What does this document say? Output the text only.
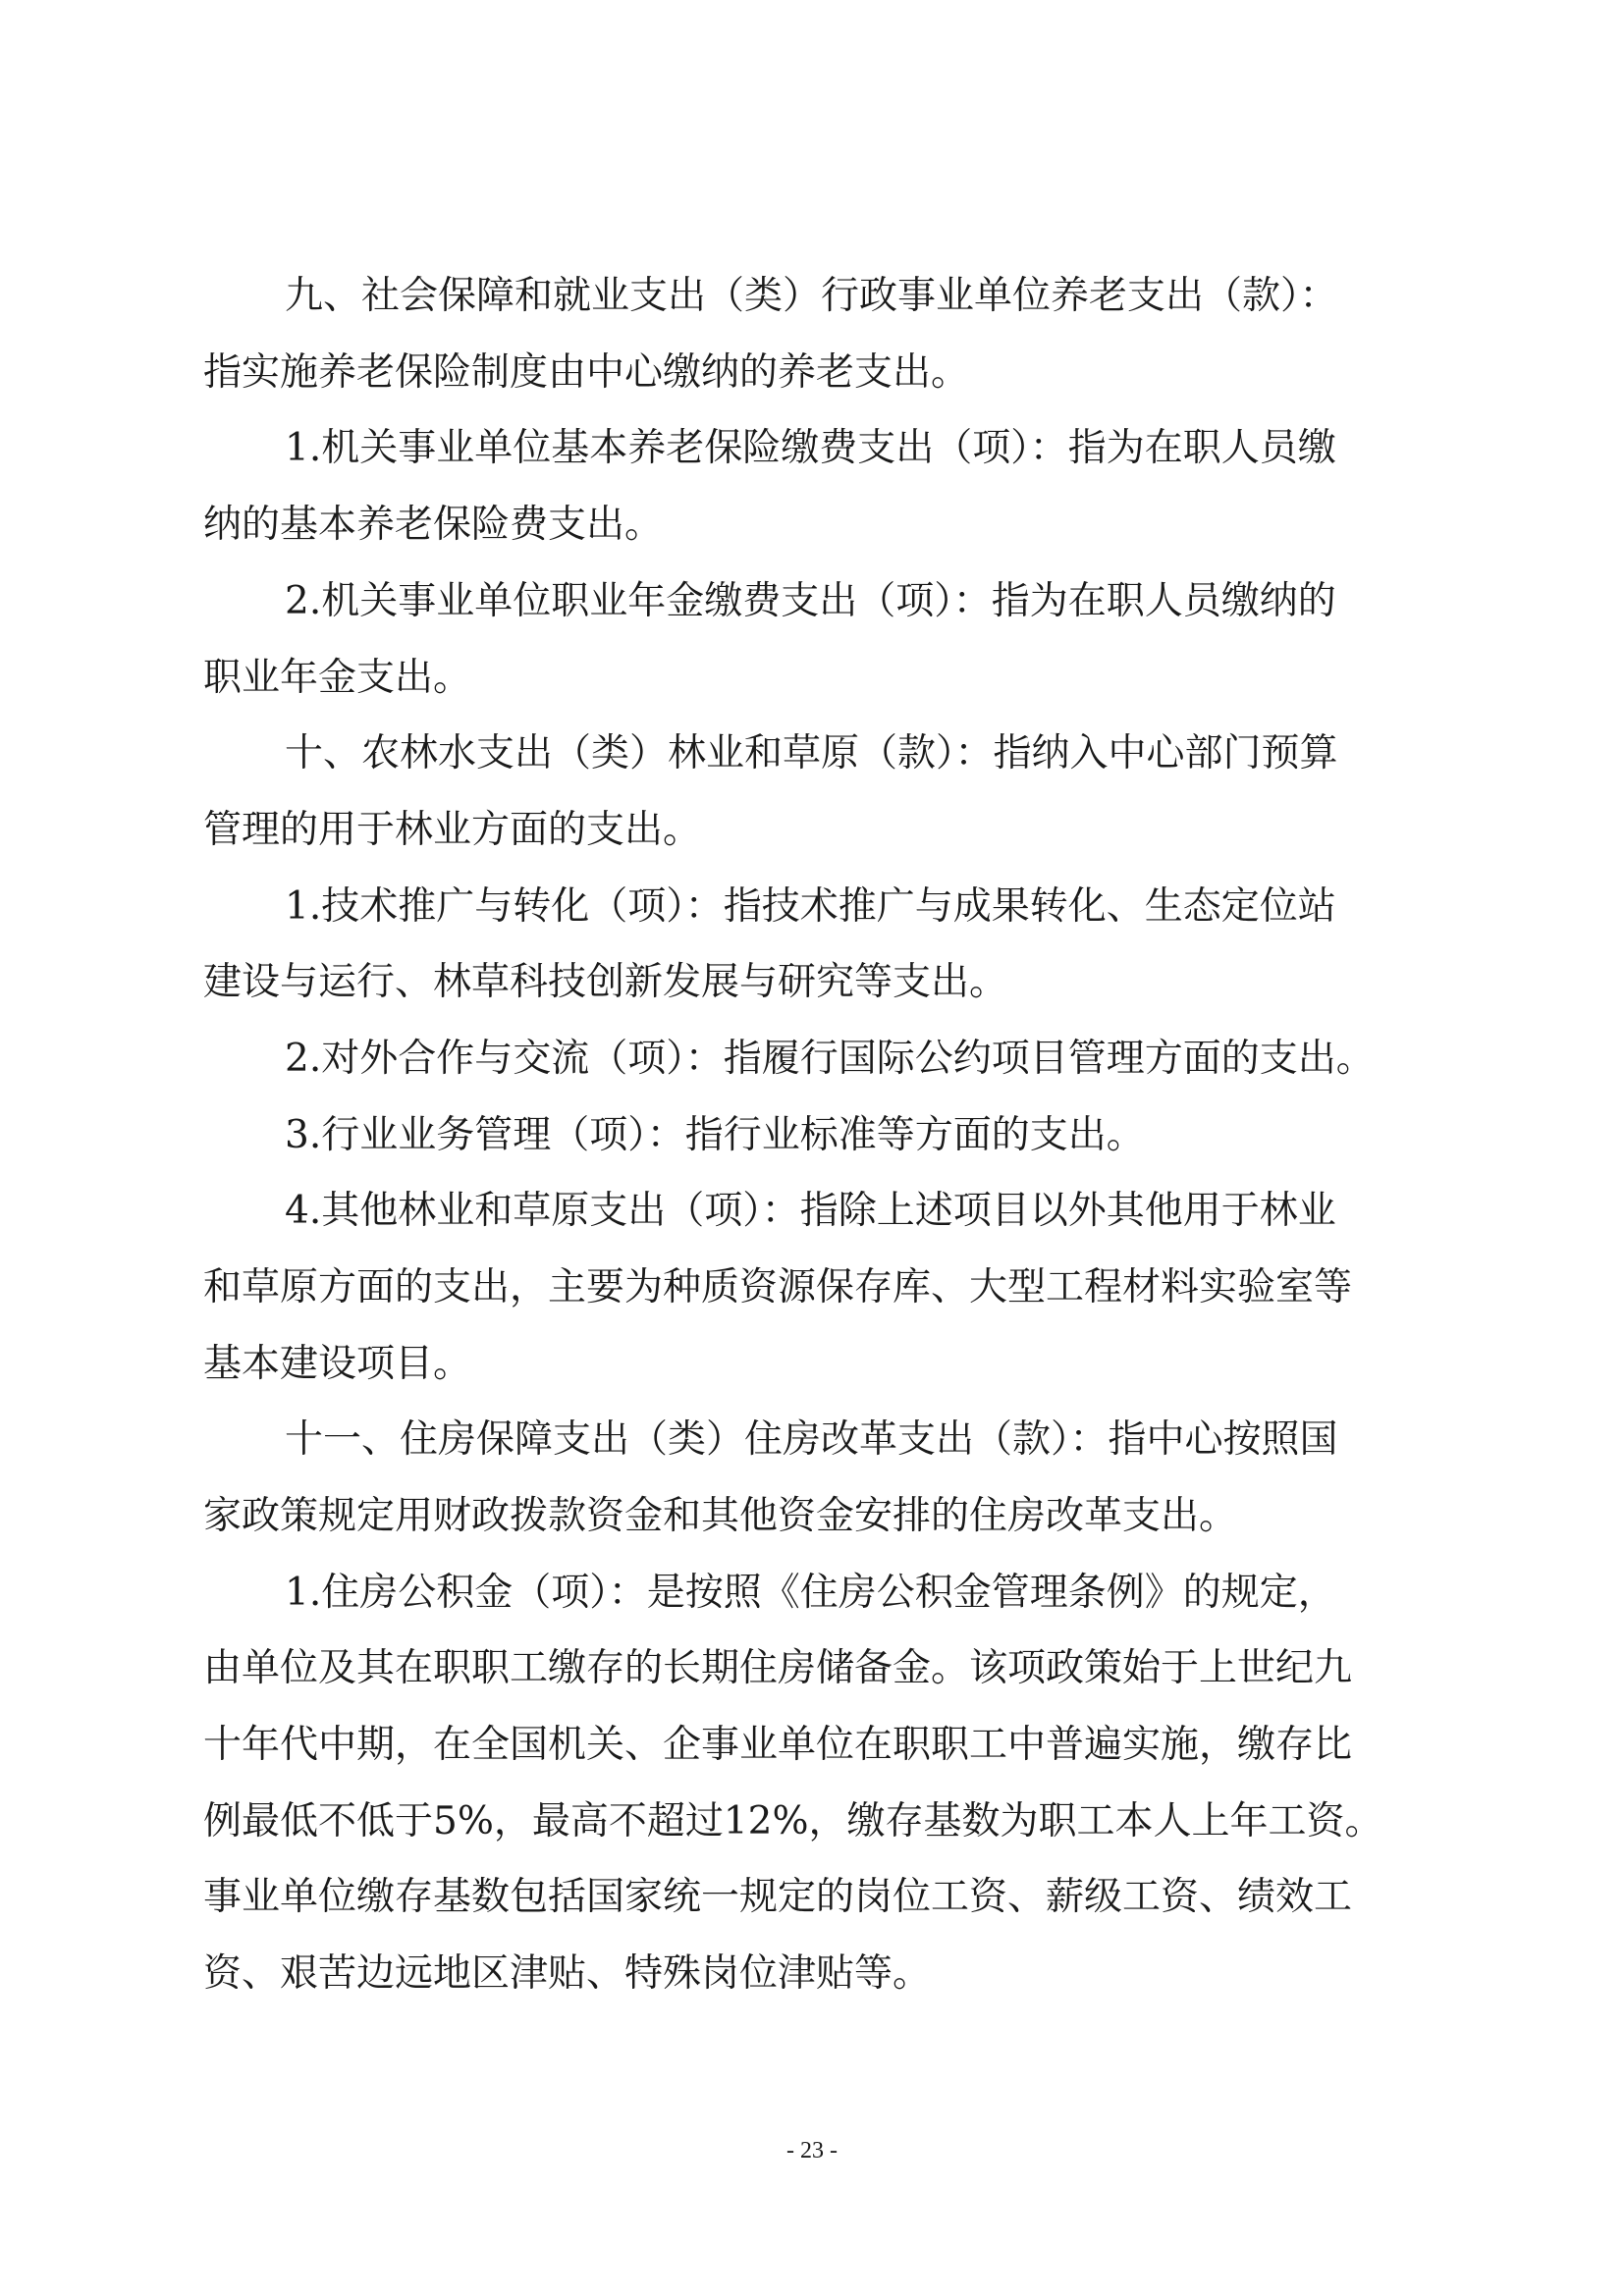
九、社会保障和就业支出（类）行政事业单位养老支出（款）：

指实施养老保险制度由中心缴纳的养老支出。

1.机关事业单位基本养老保险缴费支出（项）：指为在职人员缴

纳的基本养老保险费支出。

2.机关事业单位职业年金缴费支出（项）：指为在职人员缴纳的

职业年金支出。

十、农林水支出（类）林业和草原（款）：指纳入中心部门预算

管理的用于林业方面的支出。

1.技术推广与转化（项）：指技术推广与成果转化、生态定位站

建设与运行、林草科技创新发展与研究等支出。

2.对外合作与交流（项）：指履行国际公约项目管理方面的支出。

3.行业业务管理（项）：指行业标准等方面的支出。

4.其他林业和草原支出（项）：指除上述项目以外其他用于林业

和草原方面的支出，主要为种质资源保存库、大型工程材料实验室等

基本建设项目。

十一、住房保障支出（类）住房改革支出（款）：指中心按照国

家政策规定用财政拨款资金和其他资金安排的住房改革支出。

1.住房公积金（项）：是按照《住房公积金管理条例》的规定，

由单位及其在职职工缴存的长期住房储备金。该项政策始于上世纪九

十年代中期，在全国机关、企事业单位在职职工中普遍实施，缴存比

例最低不低于5%，最高不超过12%，缴存基数为职工本人上年工资。

事业单位缴存基数包括国家统一规定的岗位工资、薪级工资、绩效工

资、艰苦边远地区津贴、特殊岗位津贴等。

- 23 -
